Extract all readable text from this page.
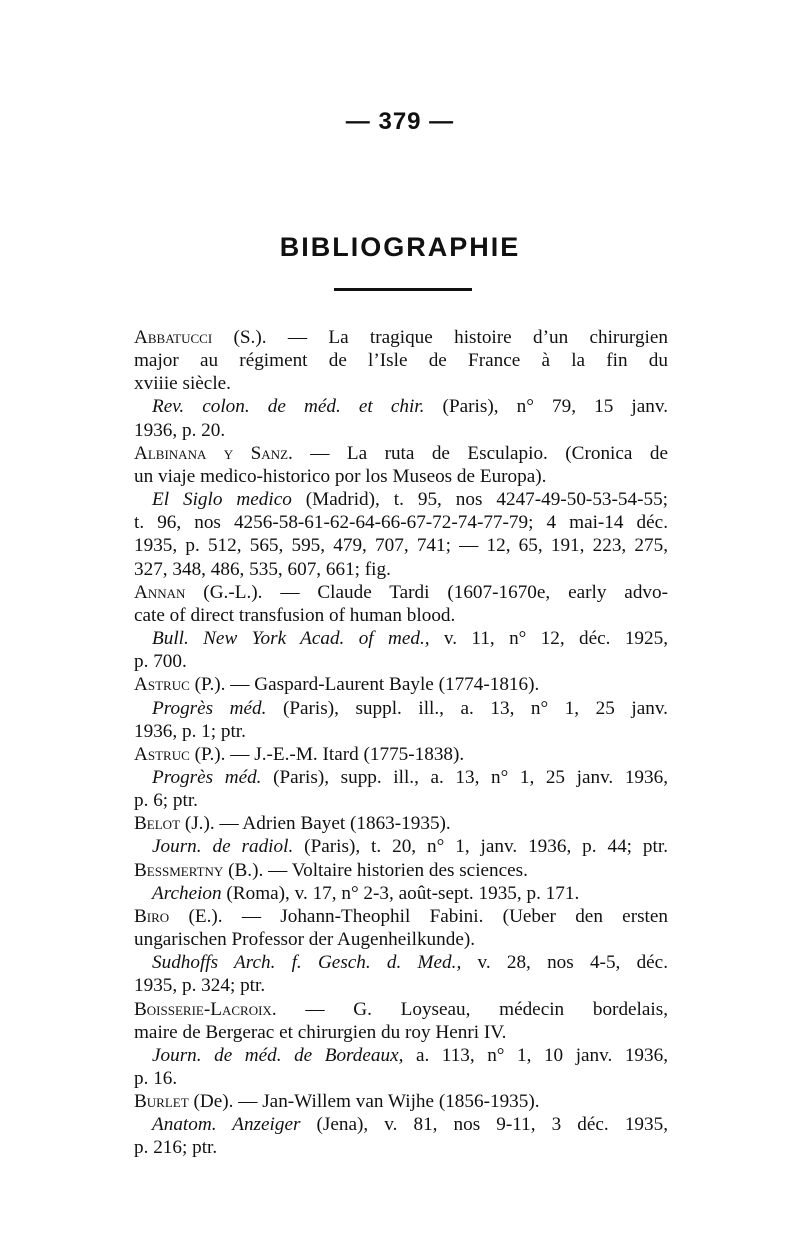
— 379 —
BIBLIOGRAPHIE
Abbatucci (S.). — La tragique histoire d’un chirurgien
major au régiment de l’Isle de France à la fin du
xviiie siècle.
Rev. colon. de méd. et chir. (Paris), n° 79, 15 janv.
1936, p. 20.
Albinana y Sanz. — La ruta de Esculapio. (Cronica de
un viaje medico-historico por los Museos de Europa).
El Siglo medico (Madrid), t. 95, nos 4247-49-50-53-54-55;
t. 96, nos 4256-58-61-62-64-66-67-72-74-77-79; 4 mai-14 déc.
1935, p. 512, 565, 595, 479, 707, 741; — 12, 65, 191, 223, 275,
327, 348, 486, 535, 607, 661; fig.
Annan (G.-L.). — Claude Tardi (1607-1670e, early advo-
cate of direct transfusion of human blood.
Bull. New York Acad. of med., v. 11, n° 12, déc. 1925,
p. 700.
Astruc (P.). — Gaspard-Laurent Bayle (1774-1816).
Progrès méd. (Paris), suppl. ill., a. 13, n° 1, 25 janv.
1936, p. 1; ptr.
Astruc (P.). — J.-E.-M. Itard (1775-1838).
Progrès méd. (Paris), supp. ill., a. 13, n° 1, 25 janv. 1936,
p. 6; ptr.
Belot (J.). — Adrien Bayet (1863-1935).
Journ. de radiol. (Paris), t. 20, n° 1, janv. 1936, p. 44; ptr.
Bessmertny (B.). — Voltaire historien des sciences.
Archeion (Roma), v. 17, n° 2-3, août-sept. 1935, p. 171.
Biro (E.). — Johann-Theophil Fabini. (Ueber den ersten
ungarischen Professor der Augenheilkunde).
Sudhoffs Arch. f. Gesch. d. Med., v. 28, nos 4-5, déc.
1935, p. 324; ptr.
Boisserie-Lacroix. — G. Loyseau, médecin bordelais,
maire de Bergerac et chirurgien du roy Henri IV.
Journ. de méd. de Bordeaux, a. 113, n° 1, 10 janv. 1936,
p. 16.
Burlet (De). — Jan-Willem van Wijhe (1856-1935).
Anatom. Anzeiger (Jena), v. 81, nos 9-11, 3 déc. 1935,
p. 216; ptr.
